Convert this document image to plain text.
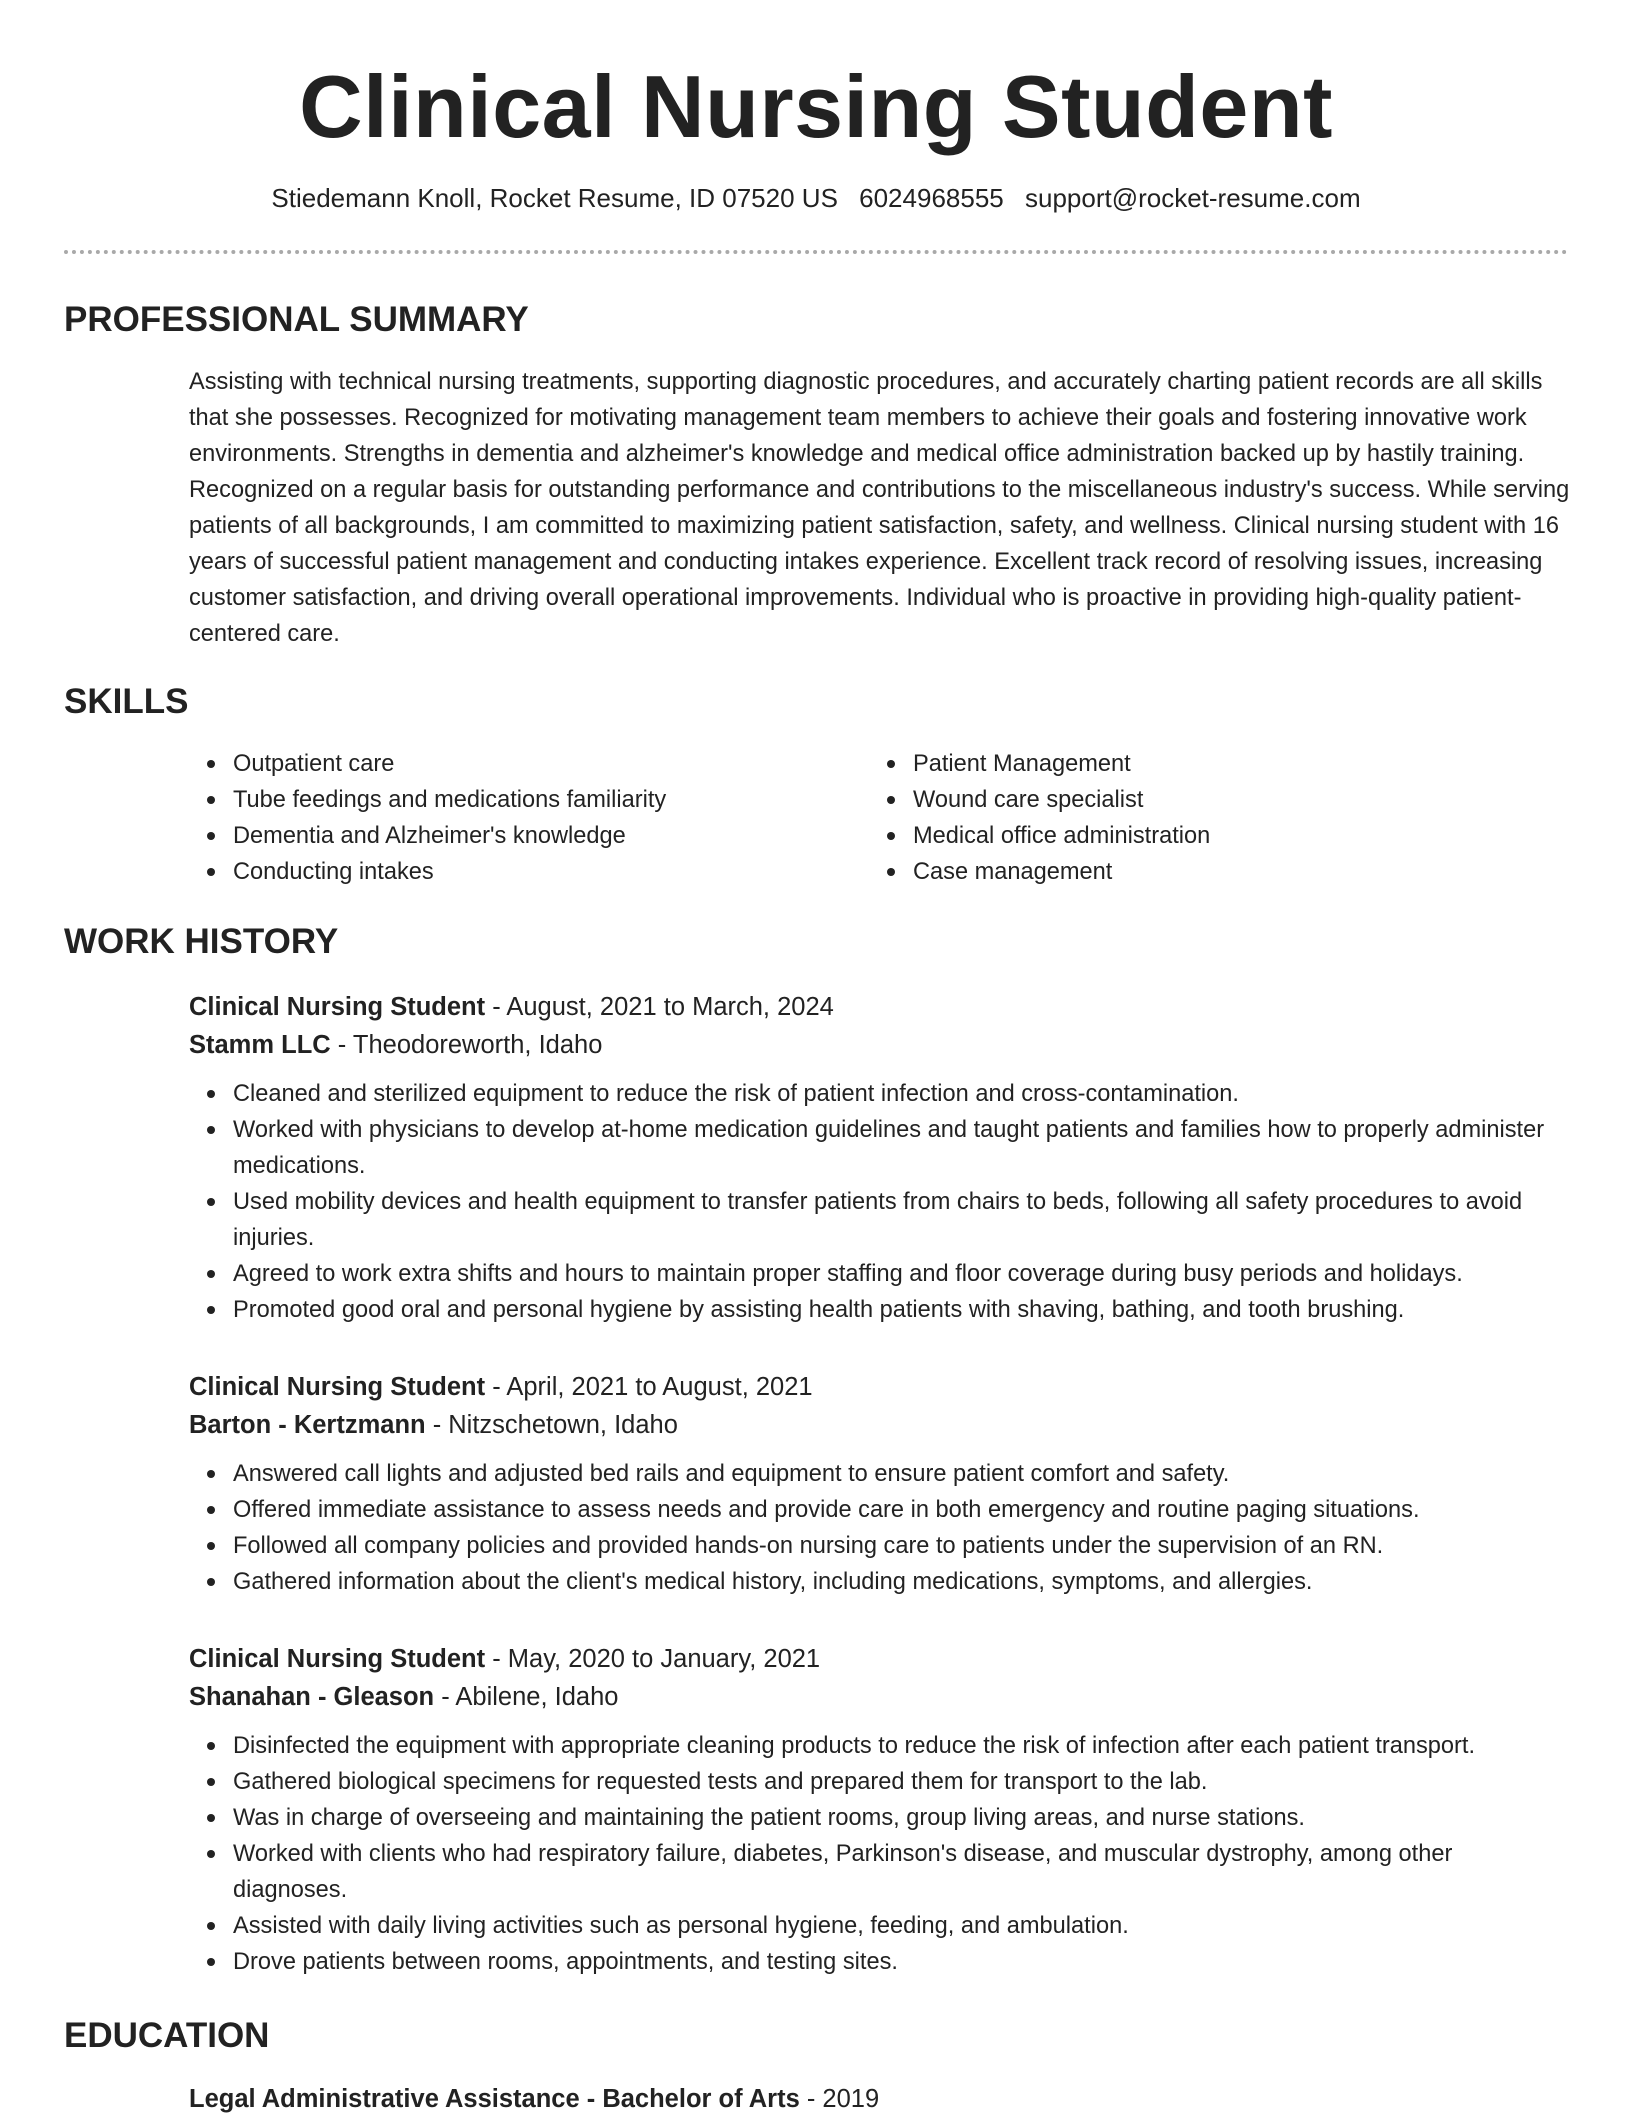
Clinical Nursing Student
Stiedemann Knoll, Rocket Resume, ID 07520 US 6024968555 support@rocket-resume.com
PROFESSIONAL SUMMARY

Assisting with technical nursing treatments, supporting diagnostic procedures, and accurately charting patient records are all skills that she possesses. Recognized for motivating management team members to achieve their goals and fostering innovative work environments. Strengths in dementia and alzheimer's knowledge and medical office administration backed up by hastily training. Recognized on a regular basis for outstanding performance and contributions to the miscellaneous industry's success. While serving patients of all backgrounds, I am committed to maximizing patient satisfaction, safety, and wellness. Clinical nursing student with 16 years of successful patient management and conducting intakes experience. Excellent track record of resolving issues, increasing customer satisfaction, and driving overall operational improvements. Individual who is proactive in providing high-quality patient-centered care.

SKILLS
Outpatient care
Tube feedings and medications familiarity
Dementia and Alzheimer's knowledge
Conducting intakes
Patient Management
Wound care specialist
Medical office administration
Case management
WORK HISTORY
Clinical Nursing Student - August, 2021 to March, 2024
Stamm LLC - Theodoreworth, Idaho
Cleaned and sterilized equipment to reduce the risk of patient infection and cross-contamination.
Worked with physicians to develop at-home medication guidelines and taught patients and families how to properly administer medications.
Used mobility devices and health equipment to transfer patients from chairs to beds, following all safety procedures to avoid injuries.
Agreed to work extra shifts and hours to maintain proper staffing and floor coverage during busy periods and holidays.
Promoted good oral and personal hygiene by assisting health patients with shaving, bathing, and tooth brushing.
Clinical Nursing Student - April, 2021 to August, 2021
Barton - Kertzmann - Nitzschetown, Idaho
Answered call lights and adjusted bed rails and equipment to ensure patient comfort and safety.
Offered immediate assistance to assess needs and provide care in both emergency and routine paging situations.
Followed all company policies and provided hands-on nursing care to patients under the supervision of an RN.
Gathered information about the client's medical history, including medications, symptoms, and allergies.
Clinical Nursing Student - May, 2020 to January, 2021
Shanahan - Gleason - Abilene, Idaho
Disinfected the equipment with appropriate cleaning products to reduce the risk of infection after each patient transport.
Gathered biological specimens for requested tests and prepared them for transport to the lab.
Was in charge of overseeing and maintaining the patient rooms, group living areas, and nurse stations.
Worked with clients who had respiratory failure, diabetes, Parkinson's disease, and muscular dystrophy, among other diagnoses.
Assisted with daily living activities such as personal hygiene, feeding, and ambulation.
Drove patients between rooms, appointments, and testing sites.
EDUCATION
Legal Administrative Assistance - Bachelor of Arts - 2019
